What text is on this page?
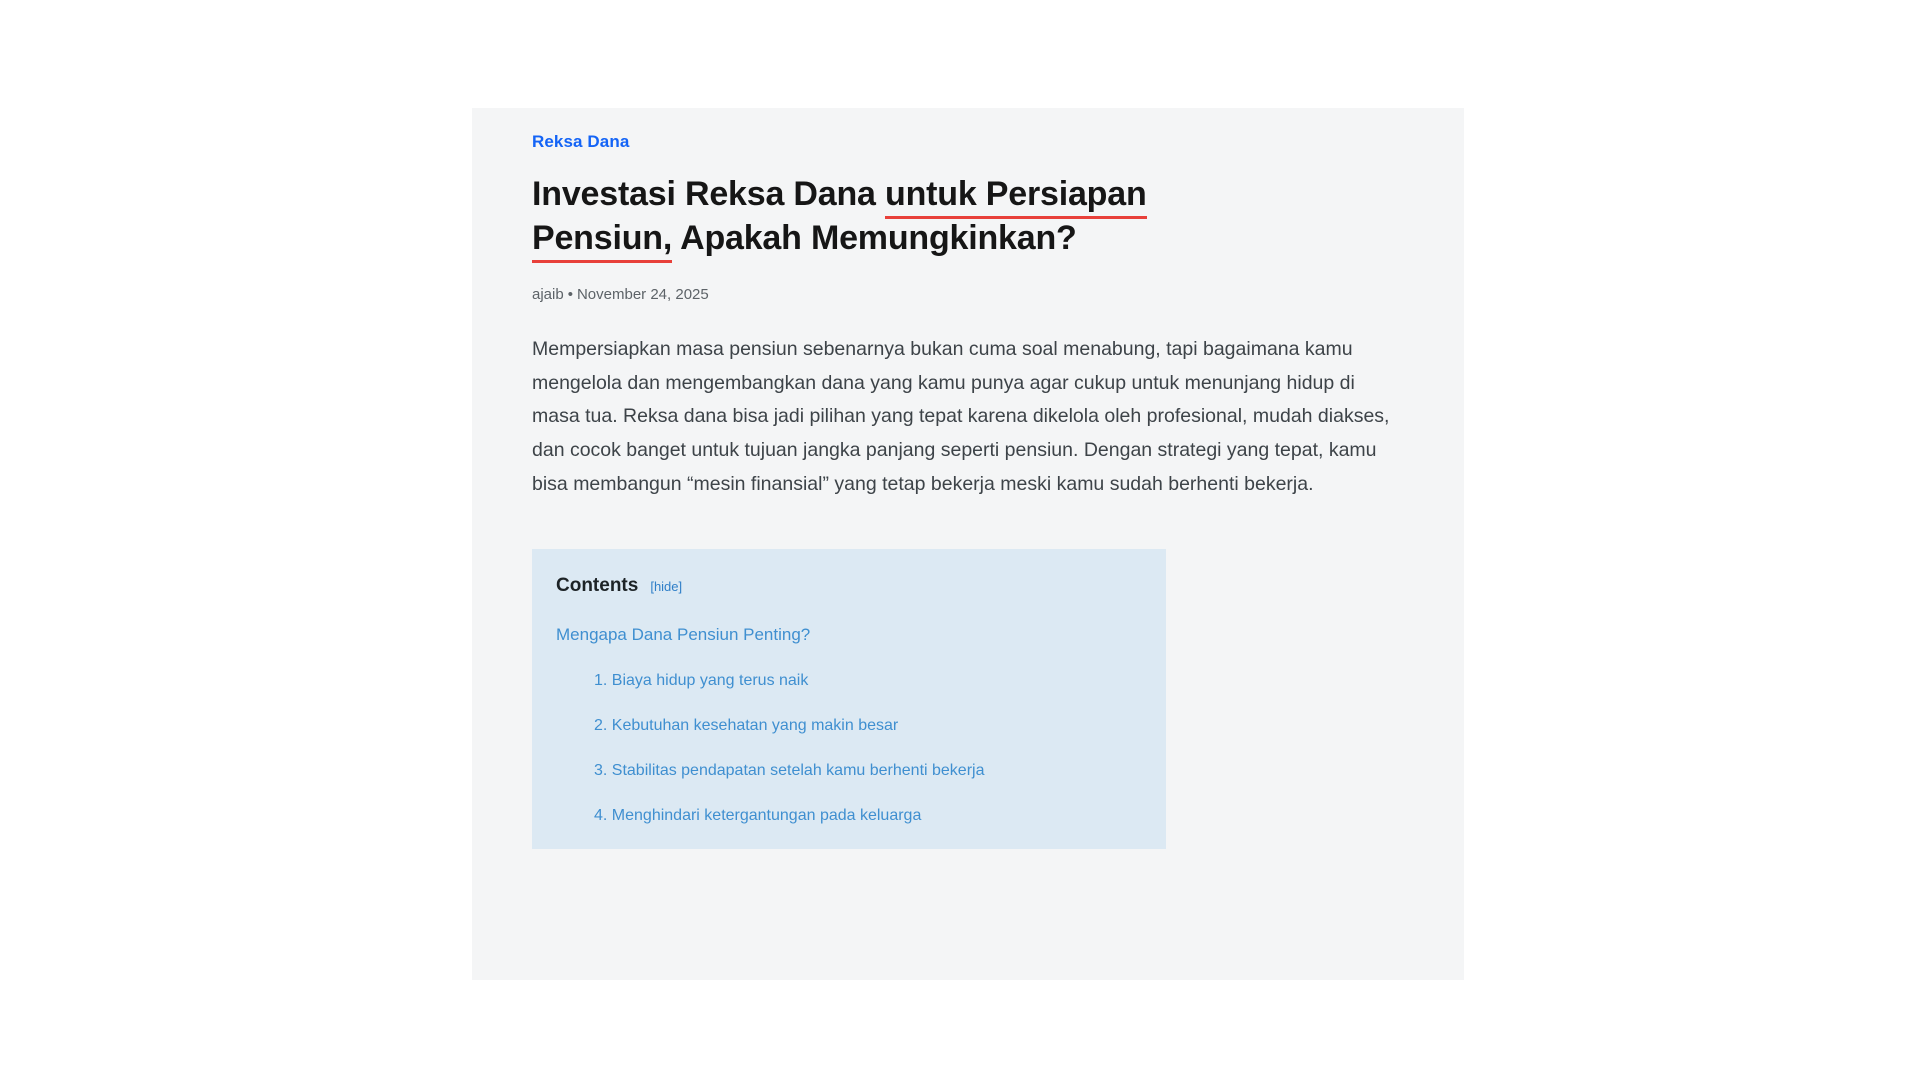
Reksa Dana
Investasi Reksa Dana untuk Persiapan
Pensiun, Apakah Memungkinkan?
ajaib • November 24, 2025

Mempersiapkan masa pensiun sebenarnya bukan cuma soal menabung, tapi bagaimana kamu mengelola dan mengembangkan dana yang kamu punya agar cukup untuk menunjang hidup di masa tua. Reksa dana bisa jadi pilihan yang tepat karena dikelola oleh profesional, mudah diakses, dan cocok banget untuk tujuan jangka panjang seperti pensiun. Dengan strategi yang tepat, kamu bisa membangun “mesin finansial” yang tetap bekerja meski kamu sudah berhenti bekerja.

Contents [hide]
Mengapa Dana Pensiun Penting?
1. Biaya hidup yang terus naik
2. Kebutuhan kesehatan yang makin besar
3. Stabilitas pendapatan setelah kamu berhenti bekerja
4. Menghindari ketergantungan pada keluarga
